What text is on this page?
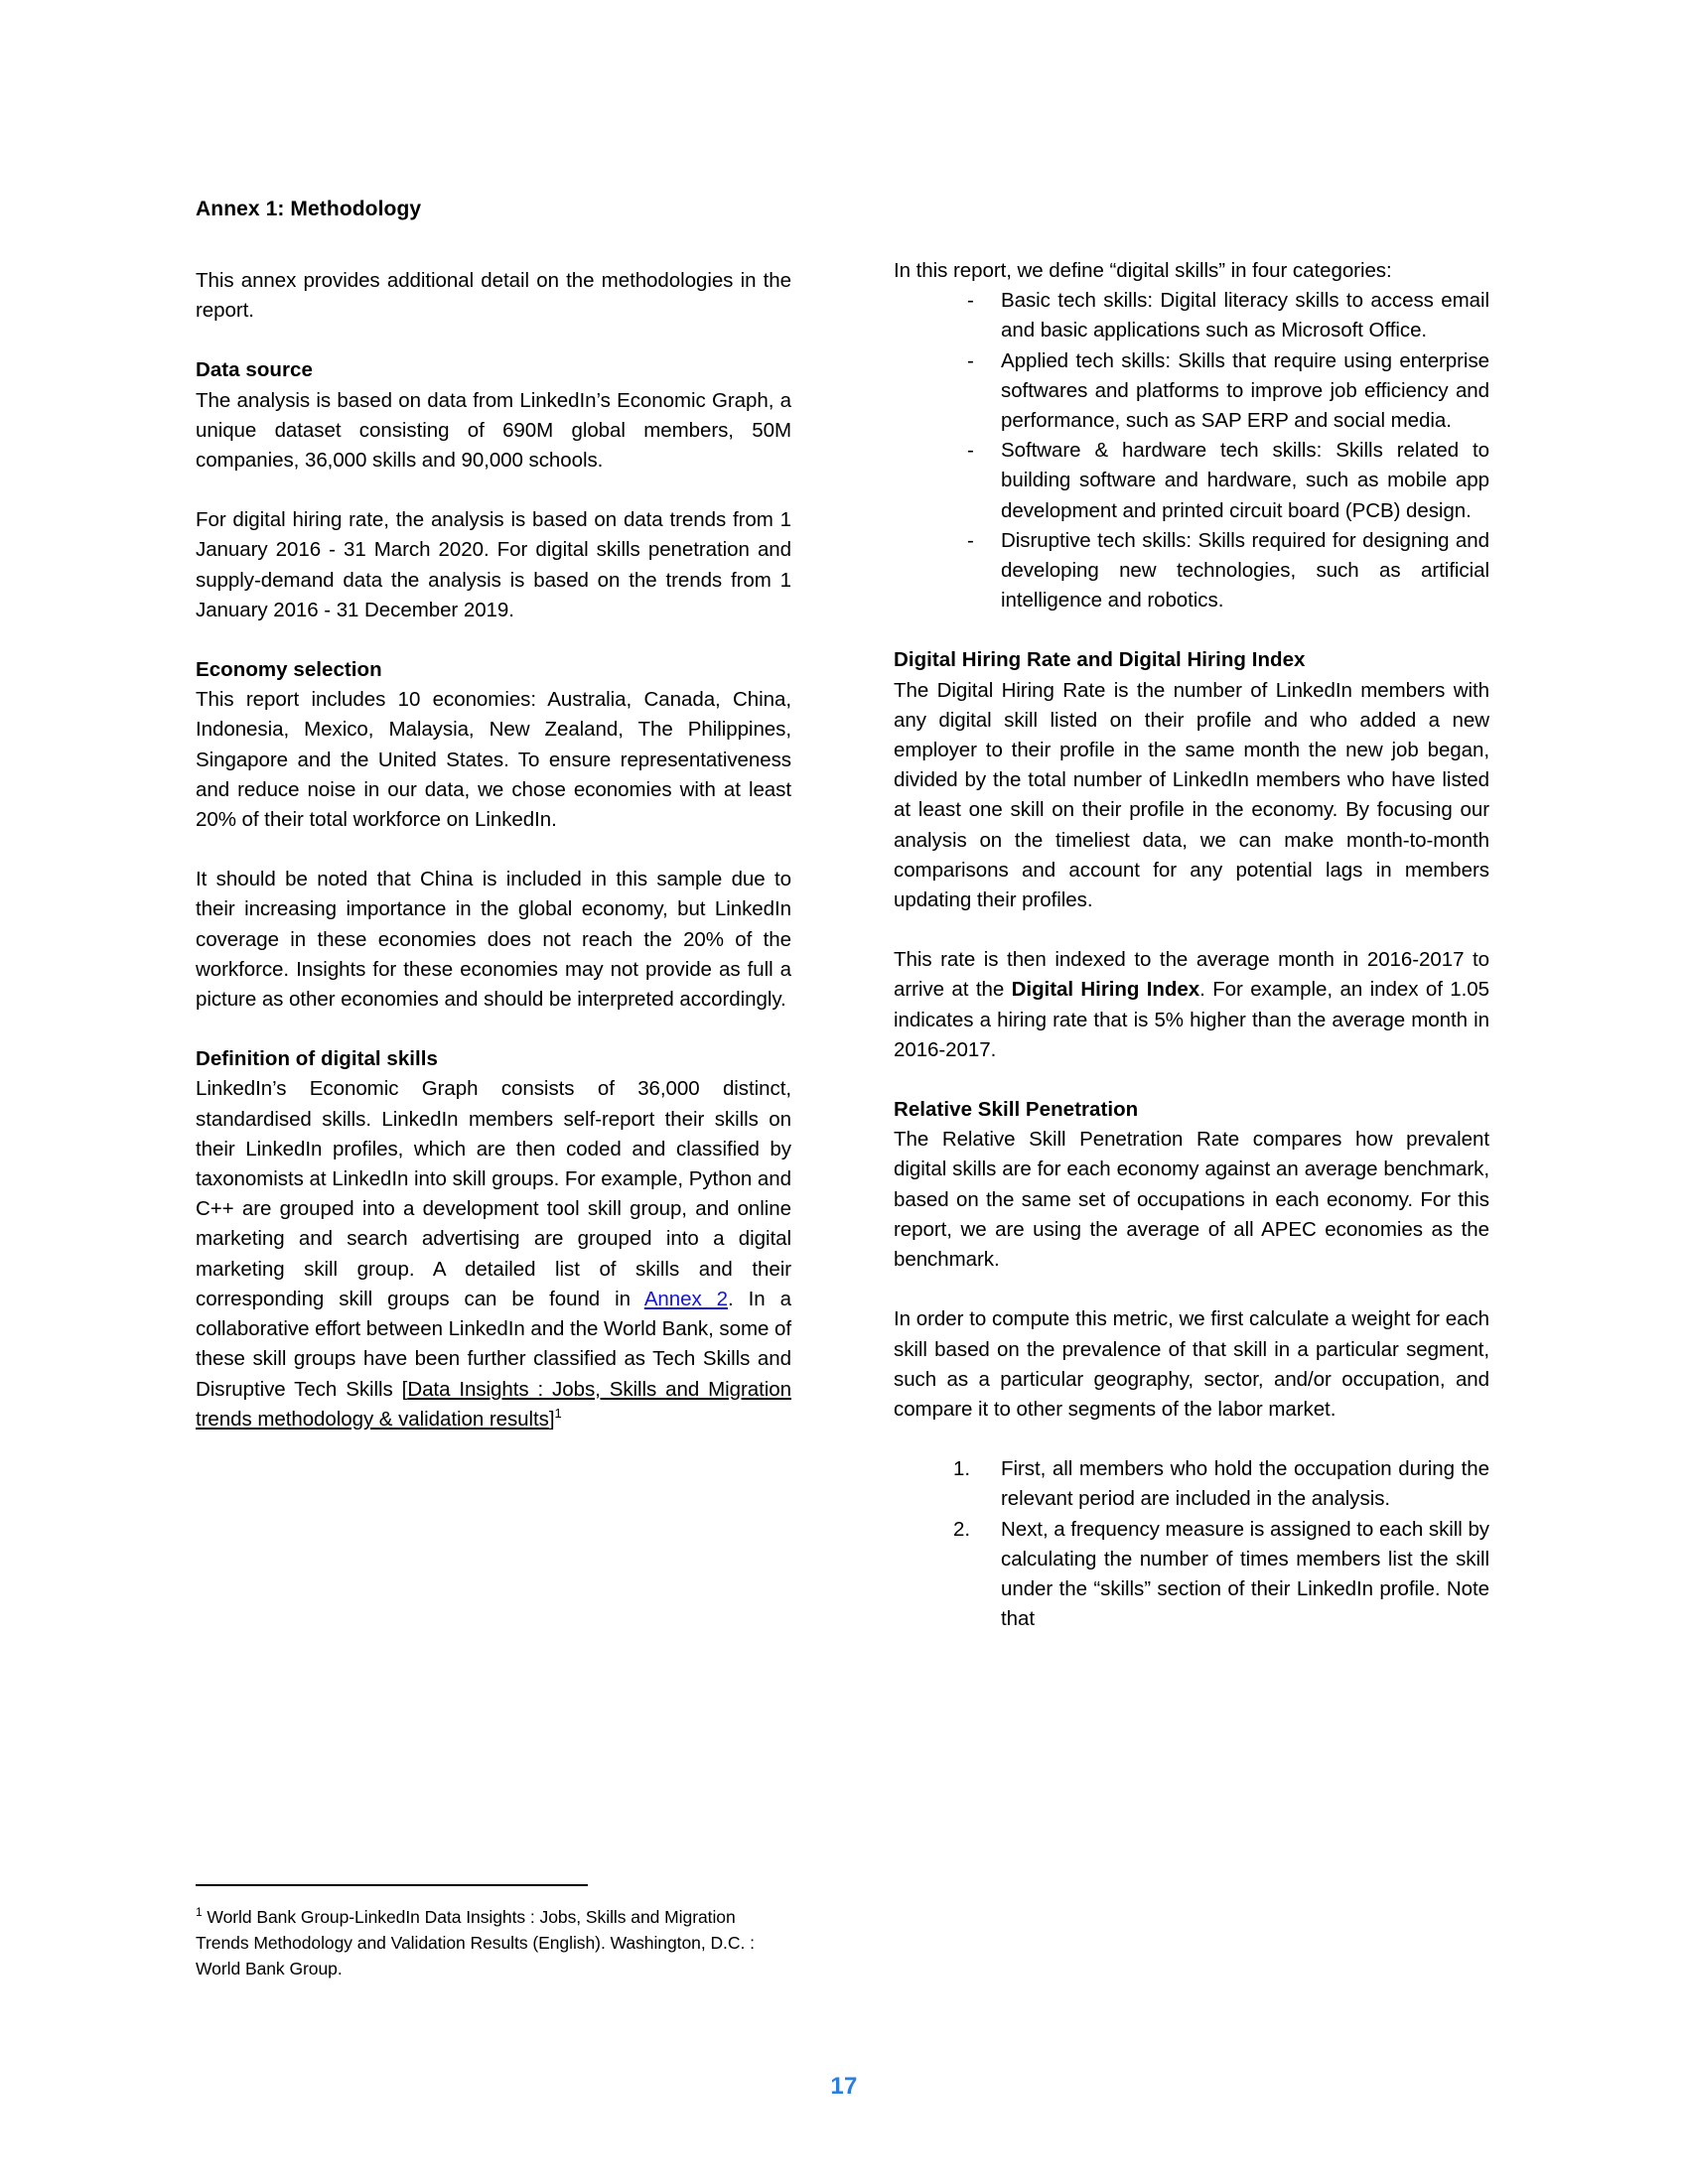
Annex 1: Methodology

This annex provides additional detail on the methodologies in the report.

Data source

The analysis is based on data from LinkedIn’s Economic Graph, a unique dataset consisting of 690M global members, 50M companies, 36,000 skills and 90,000 schools.

For digital hiring rate, the analysis is based on data trends from 1 January 2016 - 31 March 2020. For digital skills penetration and supply-demand data the analysis is based on the trends from 1 January 2016 - 31 December 2019.

Economy selection

This report includes 10 economies: Australia, Canada, China, Indonesia, Mexico, Malaysia, New Zealand, The Philippines, Singapore and the United States. To ensure representativeness and reduce noise in our data, we chose economies with at least 20% of their total workforce on LinkedIn.

It should be noted that China is included in this sample due to their increasing importance in the global economy, but LinkedIn coverage in these economies does not reach the 20% of the workforce. Insights for these economies may not provide as full a picture as other economies and should be interpreted accordingly.

Definition of digital skills

LinkedIn’s Economic Graph consists of 36,000 distinct, standardised skills. LinkedIn members self-report their skills on their LinkedIn profiles, which are then coded and classified by taxonomists at LinkedIn into skill groups. For example, Python and C++ are grouped into a development tool skill group, and online marketing and search advertising are grouped into a digital marketing skill group. A detailed list of skills and their corresponding skill groups can be found in Annex 2. In a collaborative effort between LinkedIn and the World Bank, some of these skill groups have been further classified as Tech Skills and Disruptive Tech Skills [Data Insights : Jobs, Skills and Migration trends methodology & validation results]$^1$

In this report, we define “digital skills” in four categories:

- Basic tech skills: Digital literacy skills to access email and basic applications such as Microsoft Office.
- Applied tech skills: Skills that require using enterprise softwares and platforms to improve job efficiency and performance, such as SAP ERP and social media.
- Software & hardware tech skills: Skills related to building software and hardware, such as mobile app development and printed circuit board (PCB) design.
- Disruptive tech skills: Skills required for designing and developing new technologies, such as artificial intelligence and robotics.
Digital Hiring Rate and Digital Hiring Index

The Digital Hiring Rate is the number of LinkedIn members with any digital skill listed on their profile and who added a new employer to their profile in the same month the new job began, divided by the total number of LinkedIn members who have listed at least one skill on their profile in the economy. By focusing our analysis on the timeliest data, we can make month-to-month comparisons and account for any potential lags in members updating their profiles.

This rate is then indexed to the average month in 2016-2017 to arrive at the Digital Hiring Index. For example, an index of 1.05 indicates a hiring rate that is 5% higher than the average month in 2016-2017.

Relative Skill Penetration

The Relative Skill Penetration Rate compares how prevalent digital skills are for each economy against an average benchmark, based on the same set of occupations in each economy. For this report, we are using the average of all APEC economies as the benchmark.

In order to compute this metric, we first calculate a weight for each skill based on the prevalence of that skill in a particular segment, such as a particular geography, sector, and/or occupation, and compare it to other segments of the labor market.

1. First, all members who hold the occupation during the relevant period are included in the analysis.
2. Next, a frequency measure is assigned to each skill by calculating the number of times members list the skill under the “skills” section of their LinkedIn profile. Note that
$^1$ World Bank Group-LinkedIn Data Insights : Jobs, Skills and Migration Trends Methodology and Validation Results (English). Washington, D.C. : World Bank Group.
17
